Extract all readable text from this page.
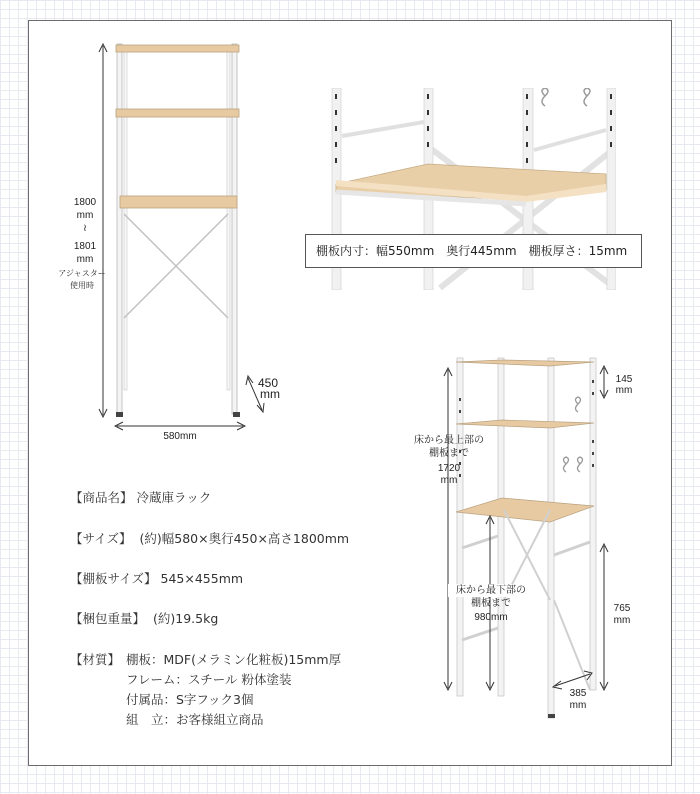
1800
mm
≀
1801
mm
アジャスター
使用時
450
mm
580mm
棚板内寸：幅550mm　奥行445mm　棚板厚さ：15mm
145
mm
床から最上部の
棚板まで
1720
mm
床から最下部の
棚板まで
980mm
765
mm
385
mm
【商品名】 冷蔵庫ラック
【サイズ】 (約)幅580×奥行450×高さ1800mm
【棚板サイズ】 545×455mm
【梱包重量】 (約)19.5kg
【材質】 棚板：MDF(メラミン化粧板)15mm厚
フレーム：スチール 粉体塗装
付属品：S字フック3個
組　立：お客様組立商品
